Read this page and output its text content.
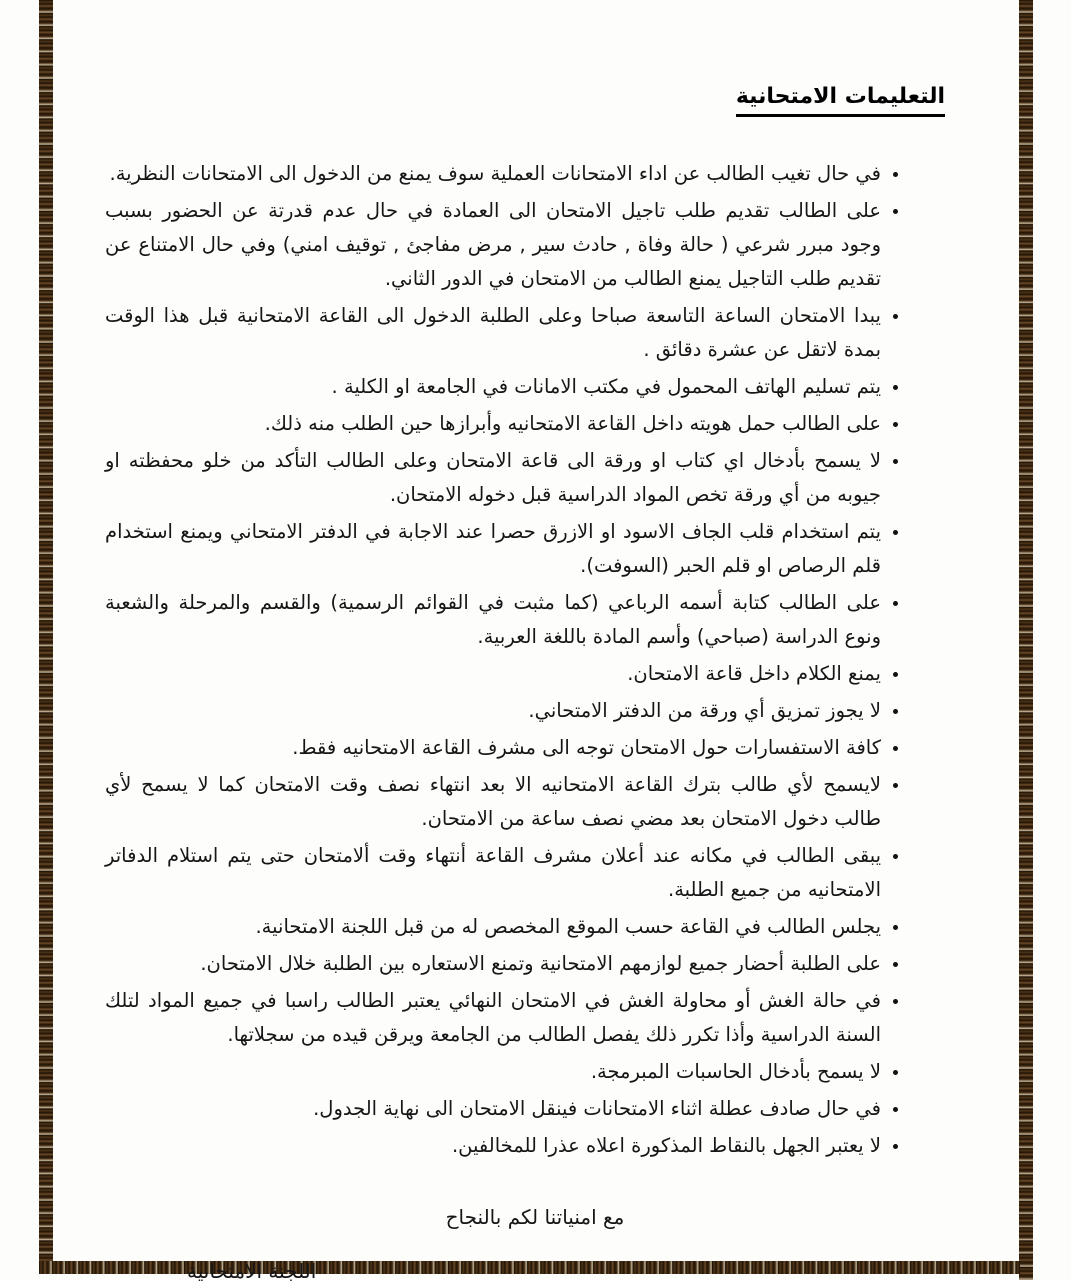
التعليمات الامتحانية
• في حال تغيب الطالب عن اداء الامتحانات العملية سوف يمنع من الدخول الى الامتحانات النظرية.
• على الطالب تقديم طلب تاجيل الامتحان الى العمادة في حال عدم قدرتة عن الحضور بسبب وجود مبرر شرعي ( حالة وفاة , حادث سير , مرض مفاجئ , توقيف امني) وفي حال الامتناع عن تقديم طلب التاجيل يمنع الطالب من الامتحان في الدور الثاني.
• يبدا الامتحان الساعة التاسعة صباحا وعلى الطلبة الدخول الى القاعة الامتحانية قبل هذا الوقت بمدة لاتقل عن عشرة دقائق .
• يتم تسليم الهاتف المحمول في مكتب الامانات في الجامعة او الكلية .
• على الطالب حمل هويته داخل القاعة الامتحانيه وأبرازها حين الطلب منه ذلك.
• لا يسمح بأدخال اي كتاب او ورقة الى قاعة الامتحان وعلى الطالب التأكد من خلو محفظته او جيوبه من أي ورقة تخص المواد الدراسية قبل دخوله الامتحان.
• يتم استخدام قلب الجاف الاسود او الازرق حصرا عند الاجابة في الدفتر الامتحاني ويمنع استخدام قلم الرصاص او قلم الحبر (السوفت).
• على الطالب كتابة أسمه الرباعي (كما مثبت في القوائم الرسمية) والقسم والمرحلة والشعبة ونوع الدراسة (صباحي) وأسم المادة باللغة العربية.
• يمنع الكلام داخل قاعة الامتحان.
• لا يجوز تمزيق أي ورقة من الدفتر الامتحاني.
• كافة الاستفسارات حول الامتحان توجه الى مشرف القاعة الامتحانيه فقط.
• لايسمح لأي طالب بترك القاعة الامتحانيه الا بعد انتهاء نصف وقت الامتحان كما لا يسمح لأي طالب دخول الامتحان بعد مضي نصف ساعة من الامتحان.
• يبقى الطالب في مكانه عند أعلان مشرف القاعة أنتهاء وقت ألامتحان حتى يتم استلام الدفاتر الامتحانيه من جميع الطلبة.
• يجلس الطالب في القاعة حسب الموقع المخصص له من قبل اللجنة الامتحانية.
• على الطلبة أحضار جميع لوازمهم الامتحانية وتمنع الاستعاره بين الطلبة خلال الامتحان.
• في حالة الغش أو محاولة الغش في الامتحان النهائي يعتبر الطالب راسبا في جميع المواد لتلك السنة الدراسية وأذا تكرر ذلك يفصل الطالب من الجامعة ويرقن قيده من سجلاتها.
• لا يسمح بأدخال الحاسبات المبرمجة.
• في حال صادف عطلة اثناء الامتحانات فينقل الامتحان الى نهاية الجدول.
• لا يعتبر الجهل بالنقاط المذكورة اعلاه عذرا للمخالفين.
مع امنياتنا لكم بالنجاح
اللجنة الامتحانية
